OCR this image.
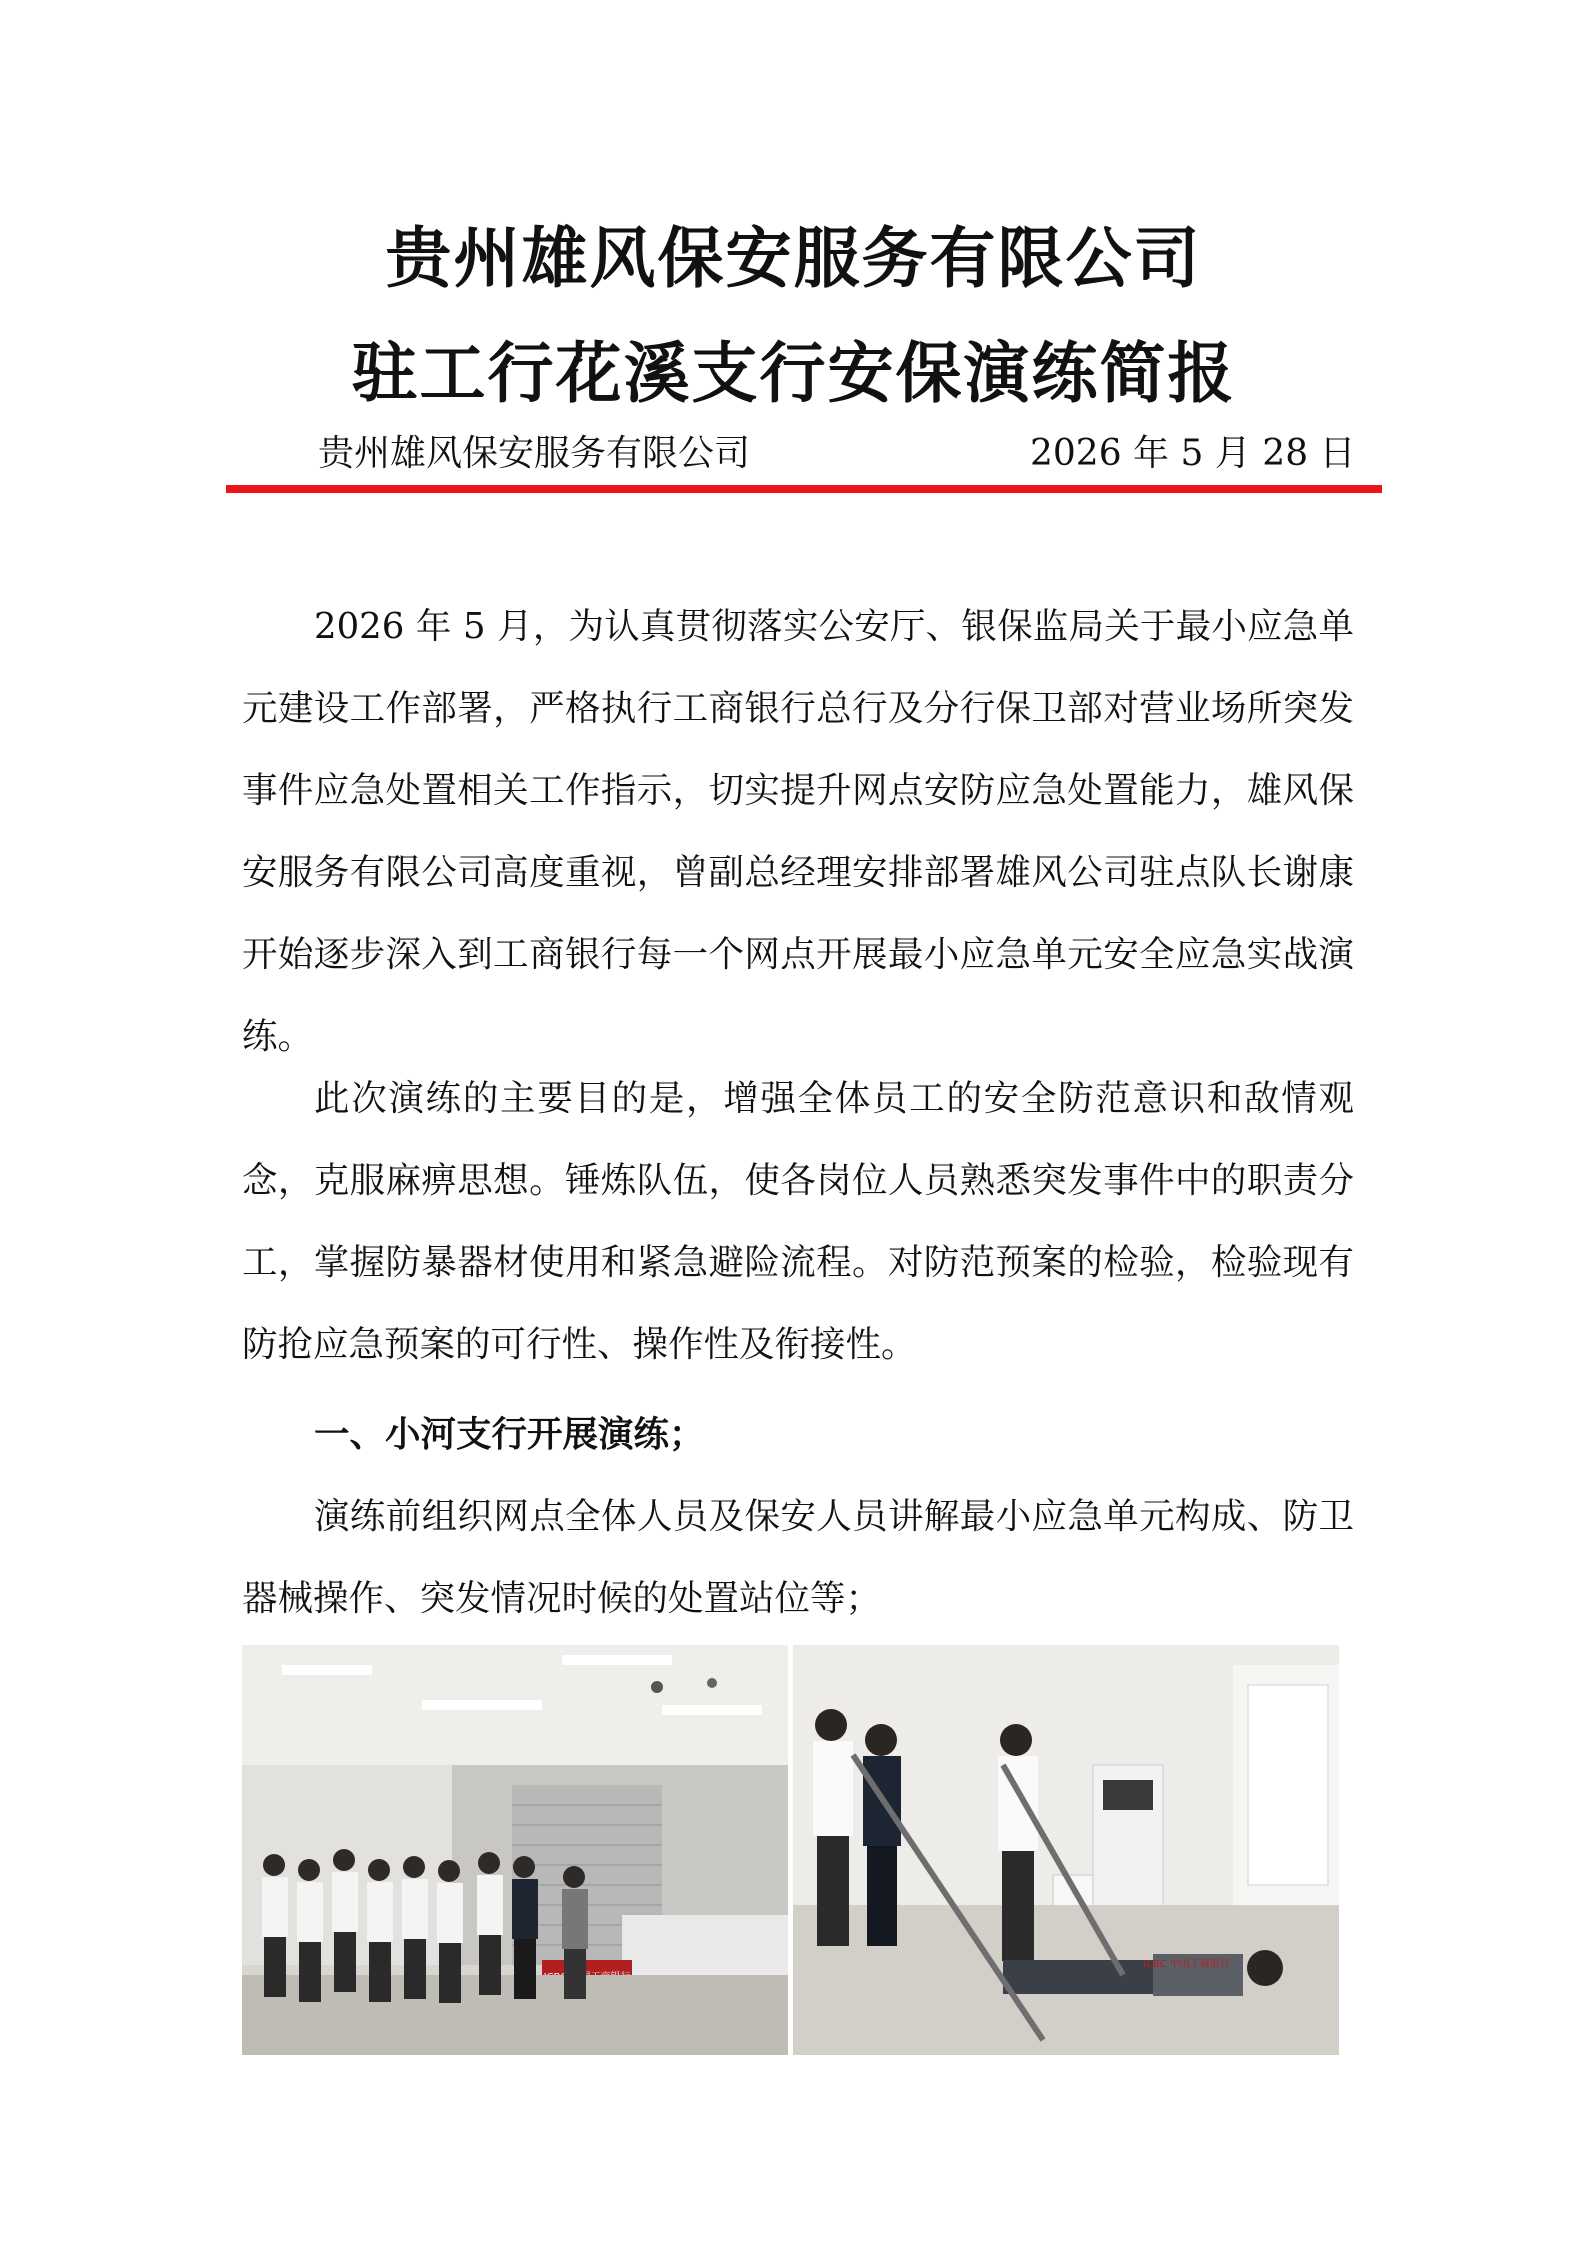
贵州雄风保安服务有限公司
驻工行花溪支行安保演练简报
贵州雄风保安服务有限公司	2026 年 5 月 28 日

2026 年 5 月，为认真贯彻落实公安厅、银保监局关于最小应急单元建设工作部署，严格执行工商银行总行及分行保卫部对营业场所突发事件应急处置相关工作指示，切实提升网点安防应急处置能力，雄风保安服务有限公司高度重视，曾副总经理安排部署雄风公司驻点队长谢康开始逐步深入到工商银行每一个网点开展最小应急单元安全应急实战演练。

此次演练的主要目的是，增强全体员工的安全防范意识和敌情观念，克服麻痹思想。锤炼队伍，使各岗位人员熟悉突发事件中的职责分工，掌握防暴器材使用和紧急避险流程。对防范预案的检验，检验现有防抢应急预案的可行性、操作性及衔接性。

一、小河支行开展演练；

演练前组织网点全体人员及保安人员讲解最小应急单元构成、防卫器械操作、突发情况时候的处置站位等；

ICBC 中国工商银行
